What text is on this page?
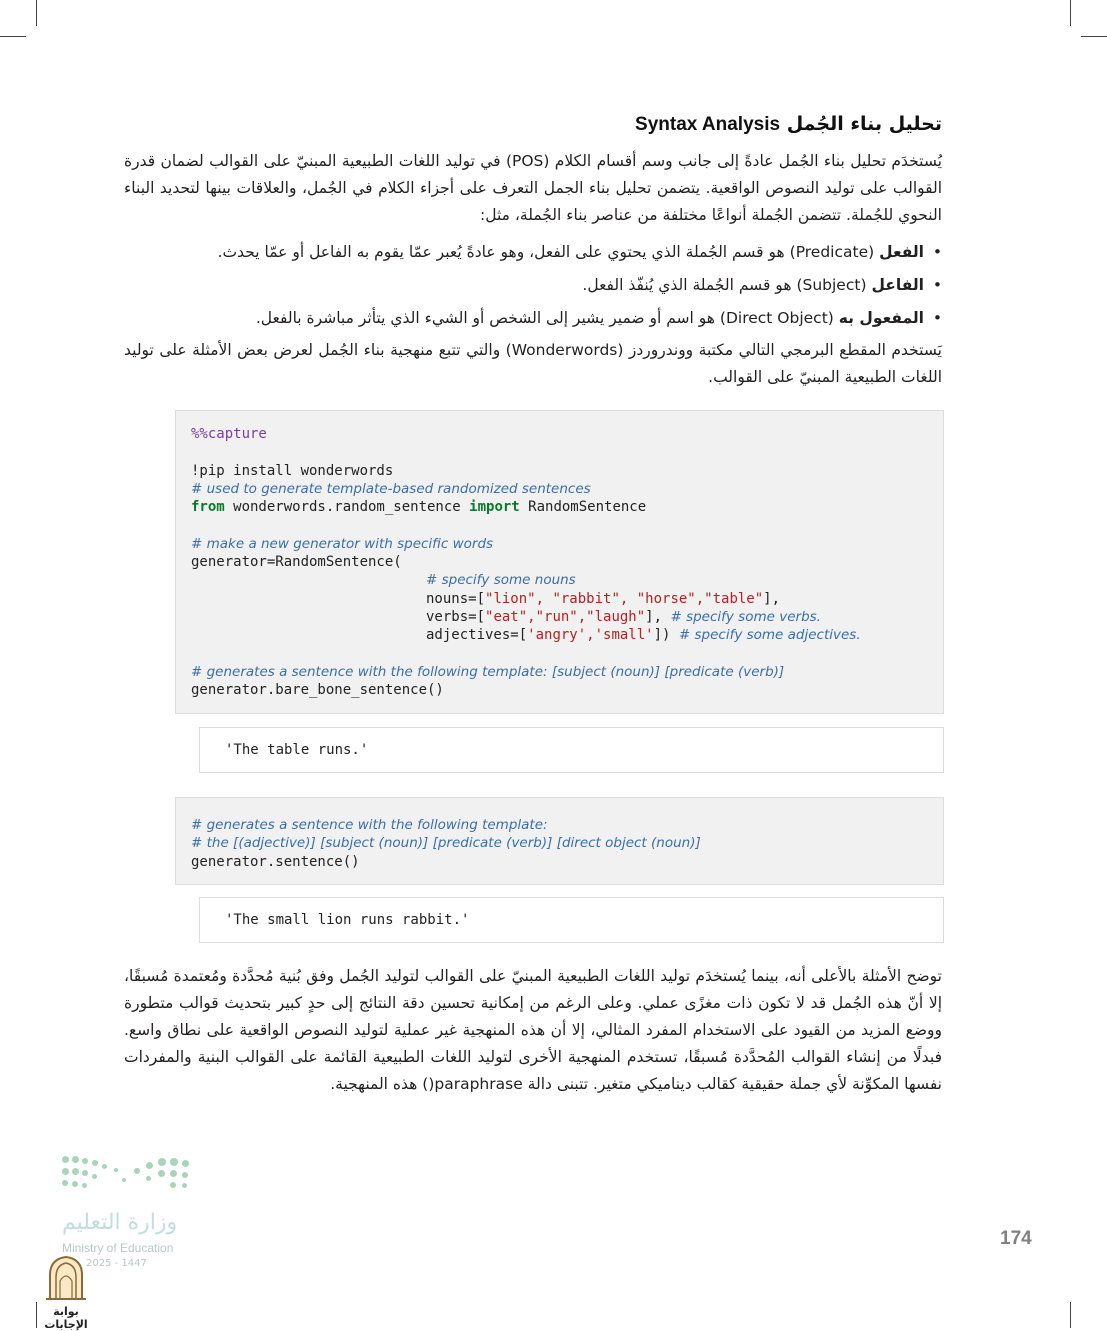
تحليل بناء الجُمل Syntax Analysis
يُستخدَم تحليل بناء الجُمل عادةً إلى جانب وسم أقسام الكلام (POS) في توليد اللغات الطبيعية المبنيّ على القوالب لضمان قدرة القوالب على توليد النصوص الواقعية. يتضمن تحليل بناء الجمل التعرف على أجزاء الكلام في الجُمل، والعلاقات بينها لتحديد البناء النحوي للجُملة. تتضمن الجُملة أنواعًا مختلفة من عناصر بناء الجُملة، مثل:
• الفعل (Predicate) هو قسم الجُملة الذي يحتوي على الفعل، وهو عادةً يُعبر عمّا يقوم به الفاعل أو عمّا يحدث.
• الفاعل (Subject) هو قسم الجُملة الذي يُنفّذ الفعل.
• المفعول به (Direct Object) هو اسم أو ضمير يشير إلى الشخص أو الشيء الذي يتأثر مباشرة بالفعل.
يَستخدم المقطع البرمجي التالي مكتبة ووندروردز (Wonderwords) والتي تتبع منهجية بناء الجُمل لعرض بعض الأمثلة على توليد اللغات الطبيعية المبنيّ على القوالب.
%%capture

!pip install wonderwords
# used to generate template-based randomized sentences
from wonderwords.random_sentence import RandomSentence

# make a new generator with specific words
generator=RandomSentence(
# specify some nouns
nouns=["lion", "rabbit", "horse","table"],
verbs=["eat","run","laugh"], # specify some verbs.
adjectives=['angry','small']) # specify some adjectives.

# generates a sentence with the following template: [subject (noun)] [predicate (verb)]
generator.bare_bone_sentence()
'The table runs.'
# generates a sentence with the following template:
# the [(adjective)] [subject (noun)] [predicate (verb)] [direct object (noun)]
generator.sentence()
'The small lion runs rabbit.'
توضح الأمثلة بالأعلى أنه، بينما يُستخدَم توليد اللغات الطبيعية المبنيّ على القوالب لتوليد الجُمل وفق بُنية مُحدَّدة ومُعتمدة مُسبقًا، إلا أنّ هذه الجُمل قد لا تكون ذات مغزًى عملي. وعلى الرغم من إمكانية تحسين دقة النتائج إلى حدٍ كبير بتحديث قوالب متطورة ووضع المزيد من القيود على الاستخدام المفرد المثالي، إلا أن هذه المنهجية غير عملية لتوليد النصوص الواقعية على نطاق واسع. فبدلًا من إنشاء القوالب المُحدَّدة مُسبقًا، تستخدم المنهجية الأخرى لتوليد اللغات الطبيعية القائمة على القوالب البنية والمفردات نفسها المكوِّنة لأي جملة حقيقية كقالب ديناميكي متغير. تتبنى دالة paraphrase() هذه المنهجية.
وزارة التعليم
Ministry of Education
2025 - 1447
174
بوابة الإجابات
